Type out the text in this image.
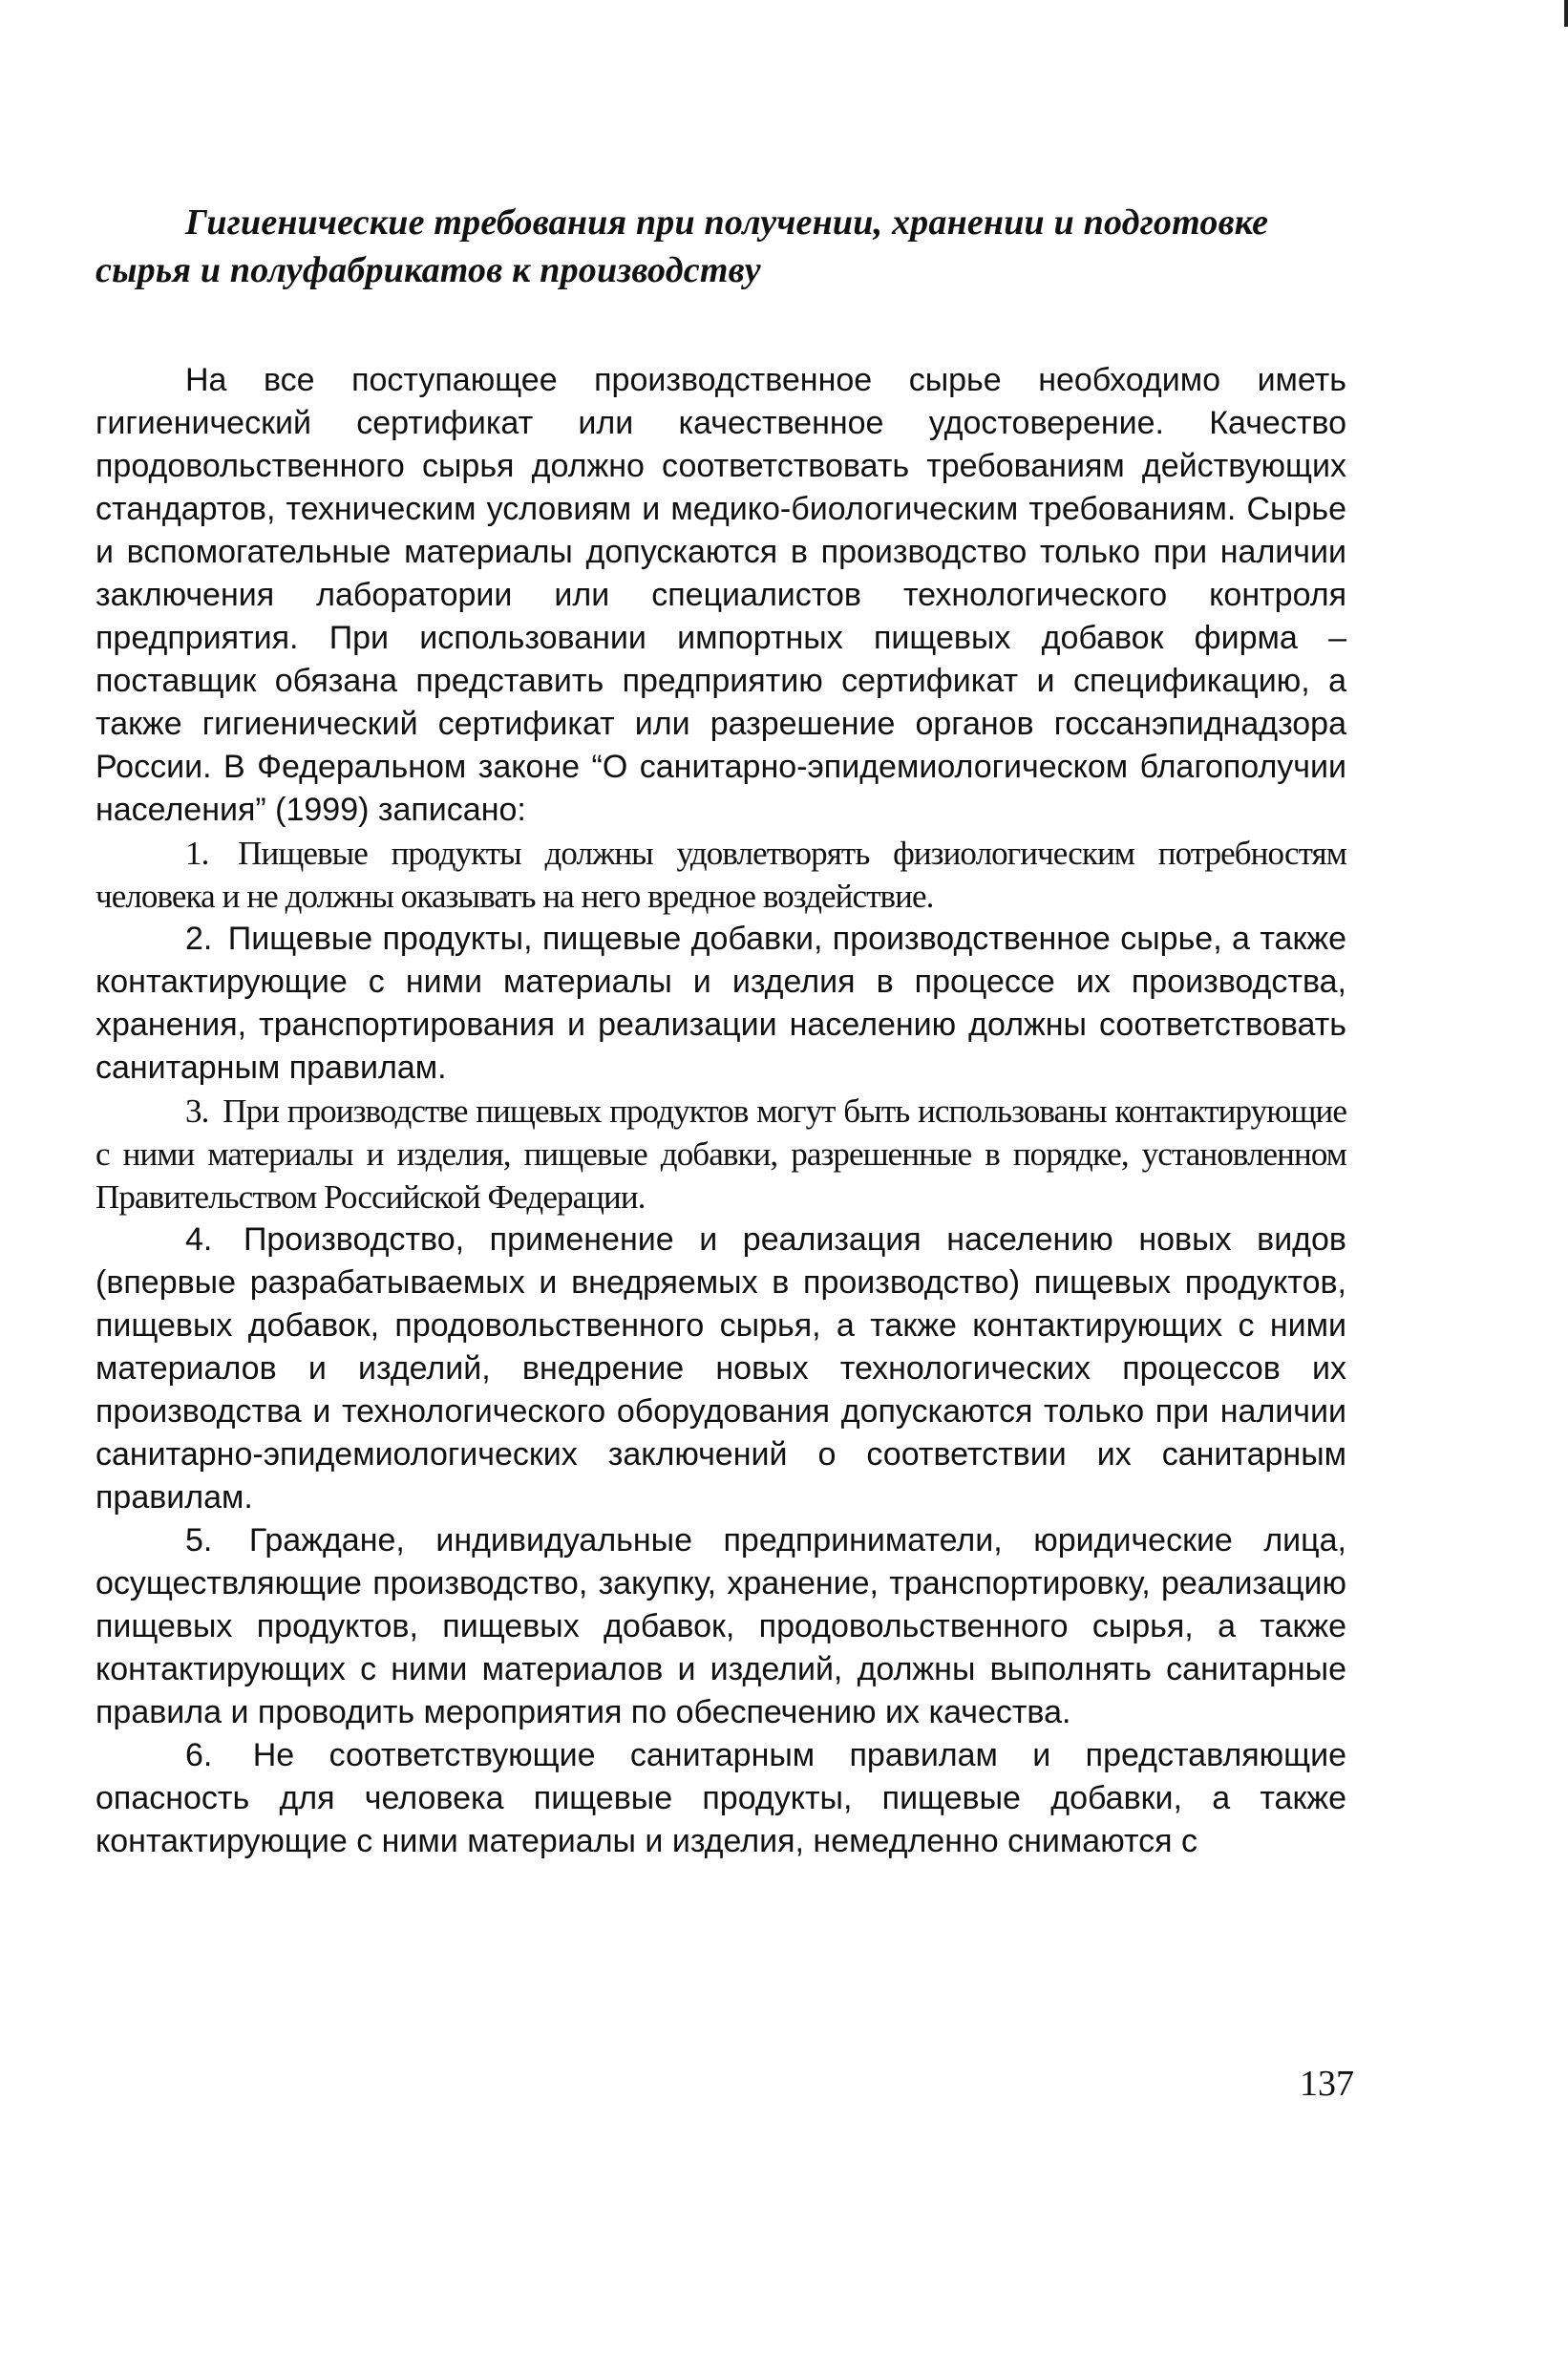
Гигиенические требования при получении, хранении и подготовке сырья и полуфабрикатов к производству

На все поступающее производственное сырье необходимо иметь гигиенический сертификат или качественное удостоверение. Качество продовольственного сырья должно соответствовать требованиям действующих стандартов, техническим условиям и медико-биологическим требованиям. Сырье и вспомогательные материалы допускаются в производство только при наличии заключения лаборатории или специалистов технологического контроля предприятия. При использовании импортных пищевых добавок фирма – поставщик обязана представить предприятию сертификат и спецификацию, а также гигиенический сертификат или разрешение органов госсанэпиднадзора России. В Федеральном законе “О санитарно-эпидемиологическом благополучии населения” (1999) записано:

1. Пищевые продукты должны удовлетворять физиологическим потребностям человека и не должны оказывать на него вредное воздействие.

2. Пищевые продукты, пищевые добавки, производственное сырье, а также контактирующие с ними материалы и изделия в процессе их производства, хранения, транспортирования и реализации населению должны соответствовать санитарным правилам.

3. При производстве пищевых продуктов могут быть использованы контактирующие с ними материалы и изделия, пищевые добавки, разрешенные в порядке, установленном Правительством Российской Федерации.

4. Производство, применение и реализация населению новых видов (впервые разрабатываемых и внедряемых в производство) пищевых продуктов, пищевых добавок, продовольственного сырья, а также контактирующих с ними материалов и изделий, внедрение новых технологических процессов их производства и технологического оборудования допускаются только при наличии санитарно-эпидемиологических заключений о соответствии их санитарным правилам.

5. Граждане, индивидуальные предприниматели, юридические лица, осуществляющие производство, закупку, хранение, транспортировку, реализацию пищевых продуктов, пищевых добавок, продовольственного сырья, а также контактирующих с ними материалов и изделий, должны выполнять санитарные правила и проводить мероприятия по обеспечению их качества.

6. Не соответствующие санитарным правилам и представляющие опасность для человека пищевые продукты, пищевые добавки, а также контактирующие с ними материалы и изделия, немедленно снимаются с

137
